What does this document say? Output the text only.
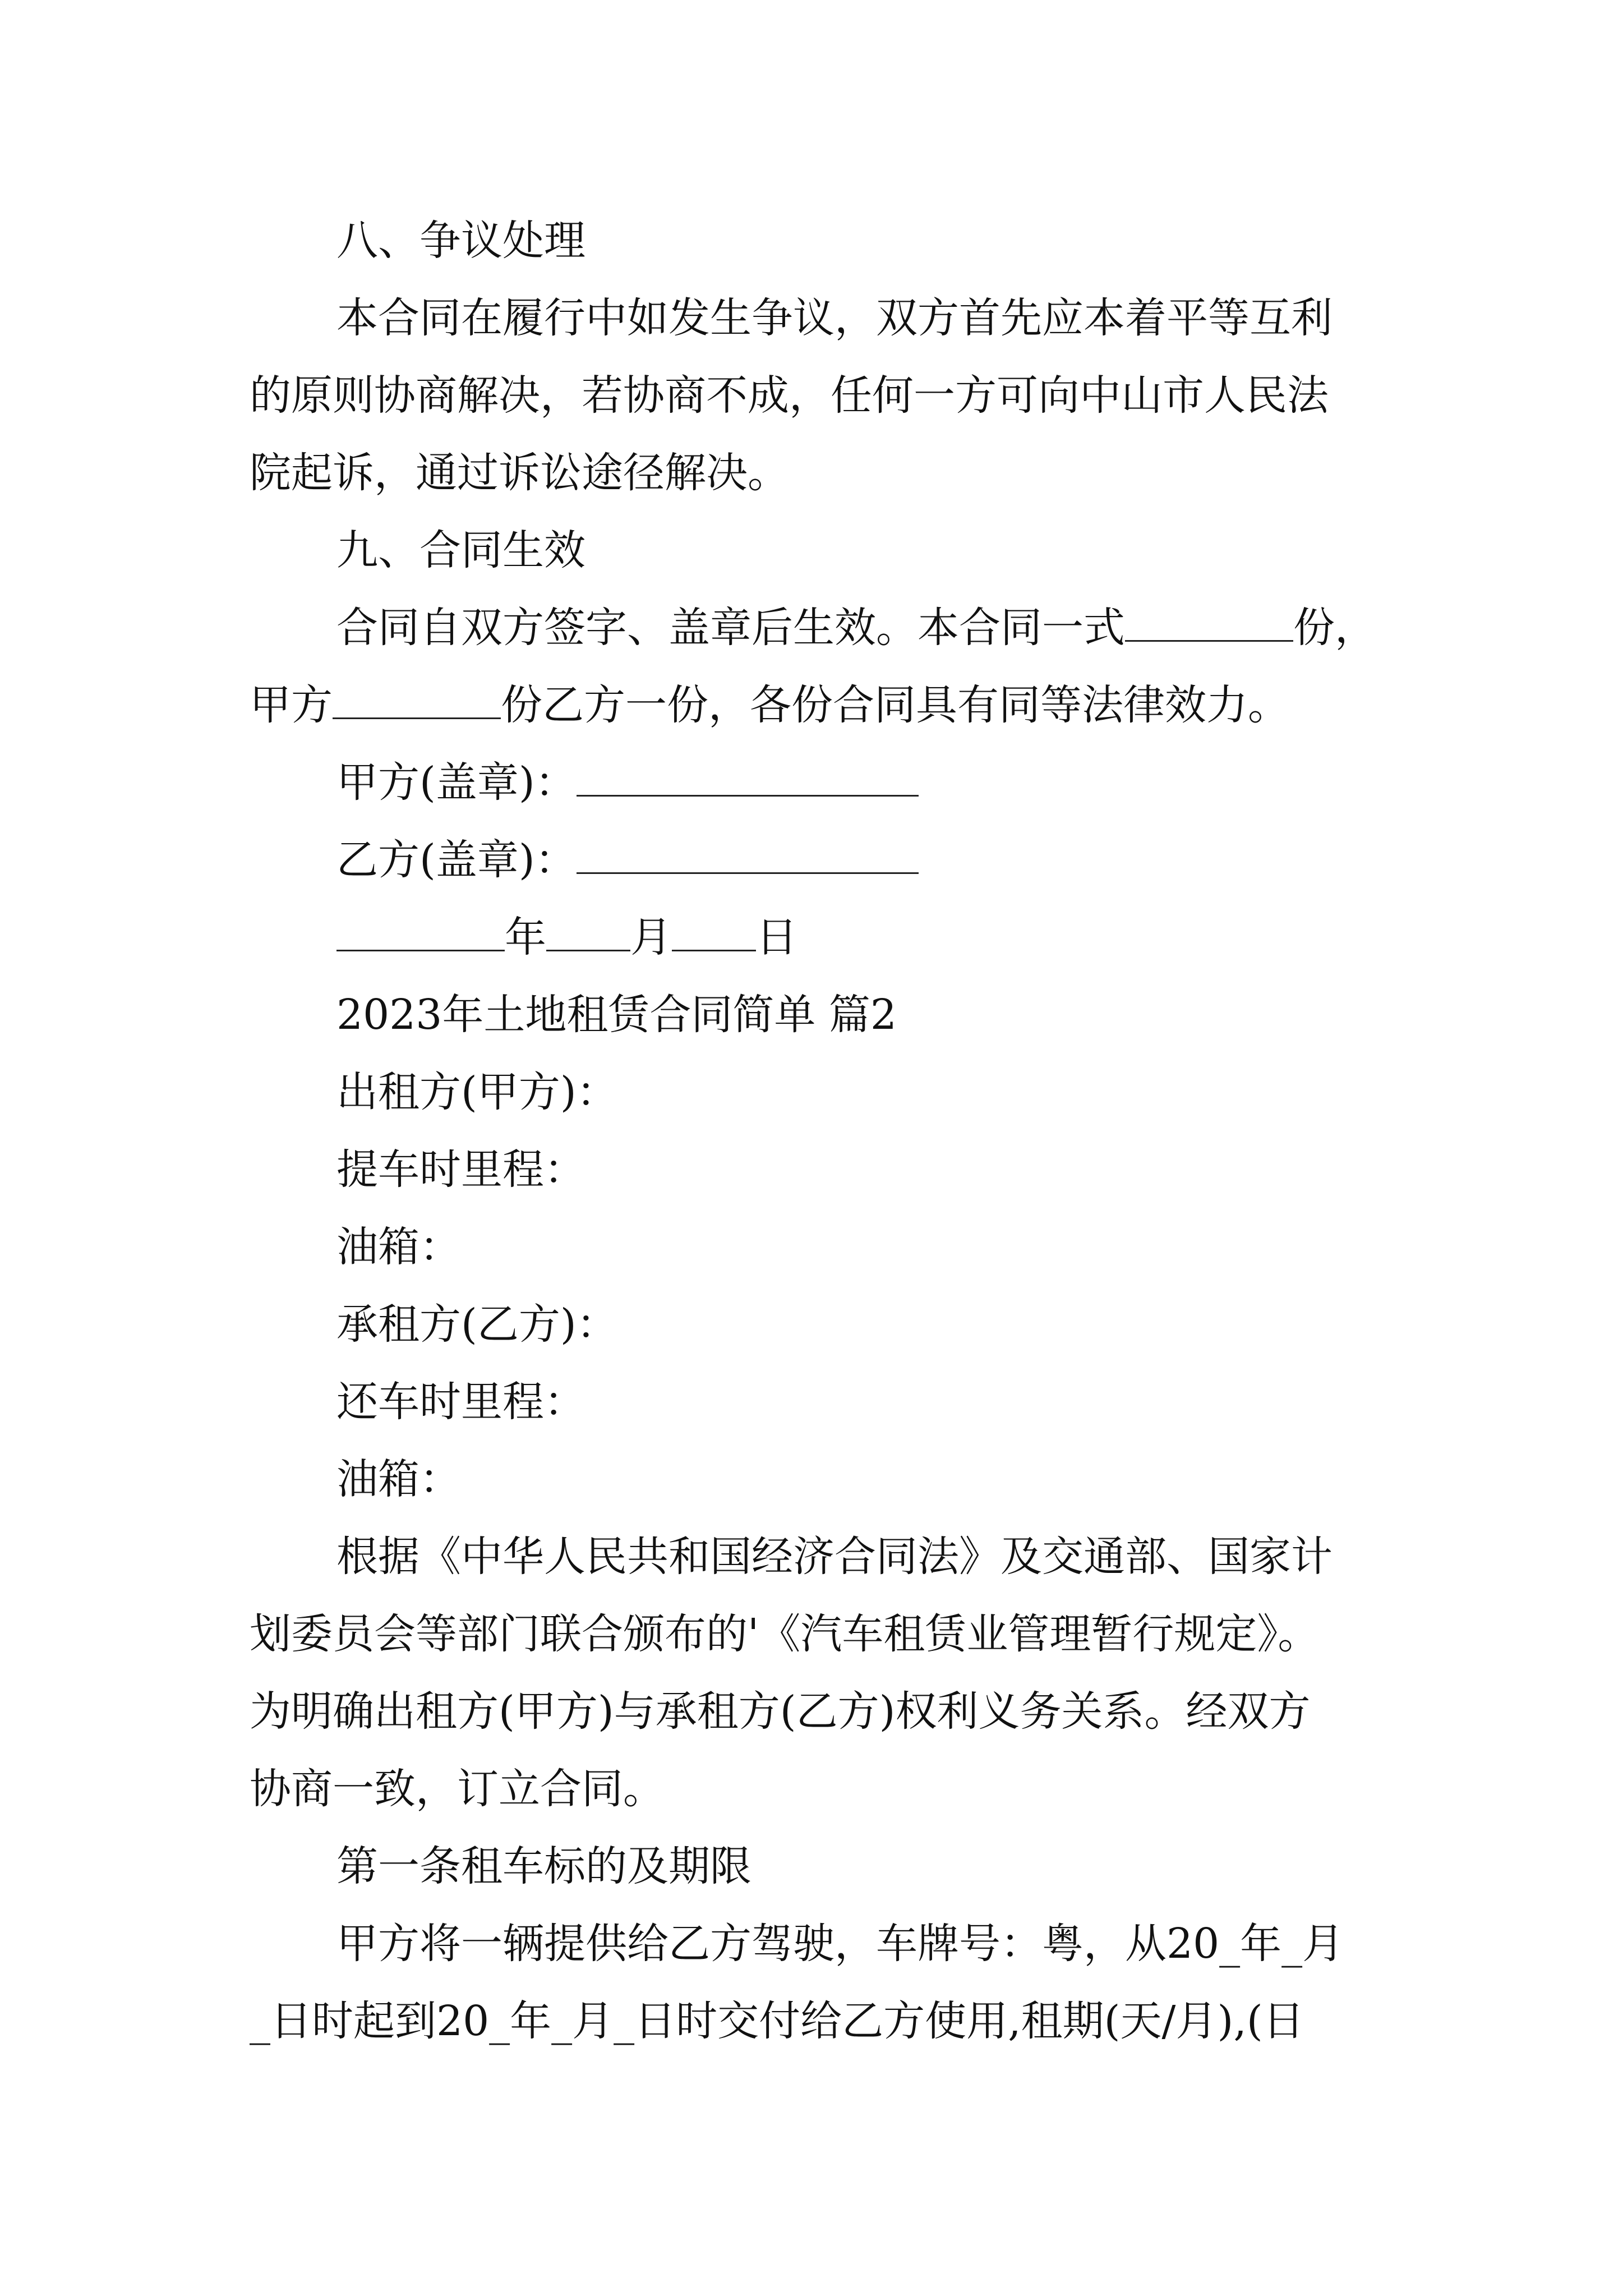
八、争议处理
本合同在履行中如发生争议，双方首先应本着平等互利
的原则协商解决，若协商不成，任何一方可向中山市人民法
院起诉，通过诉讼途径解决。
九、合同生效
合同自双方签字、盖章后生效。本合同一式	份，
甲方	份乙方一份，各份合同具有同等法律效力。
甲方(盖章)：
乙方(盖章)：
年 月 日
2023年土地租赁合同简单 篇2
出租方(甲方)：
提车时里程：
油箱：
承租方(乙方)：
还车时里程：
油箱：
根据《中华人民共和国经济合同法》及交通部、国家计
划委员会等部门联合颁布的'《汽车租赁业管理暂行规定》。
为明确出租方(甲方)与承租方(乙方)权利义务关系。经双方
协商一致，订立合同。
第一条租车标的及期限
甲方将一辆提供给乙方驾驶，车牌号：粤，从20_年_月
_日时起到20_年_月_日时交付给乙方使用,租期(天/月),(日
